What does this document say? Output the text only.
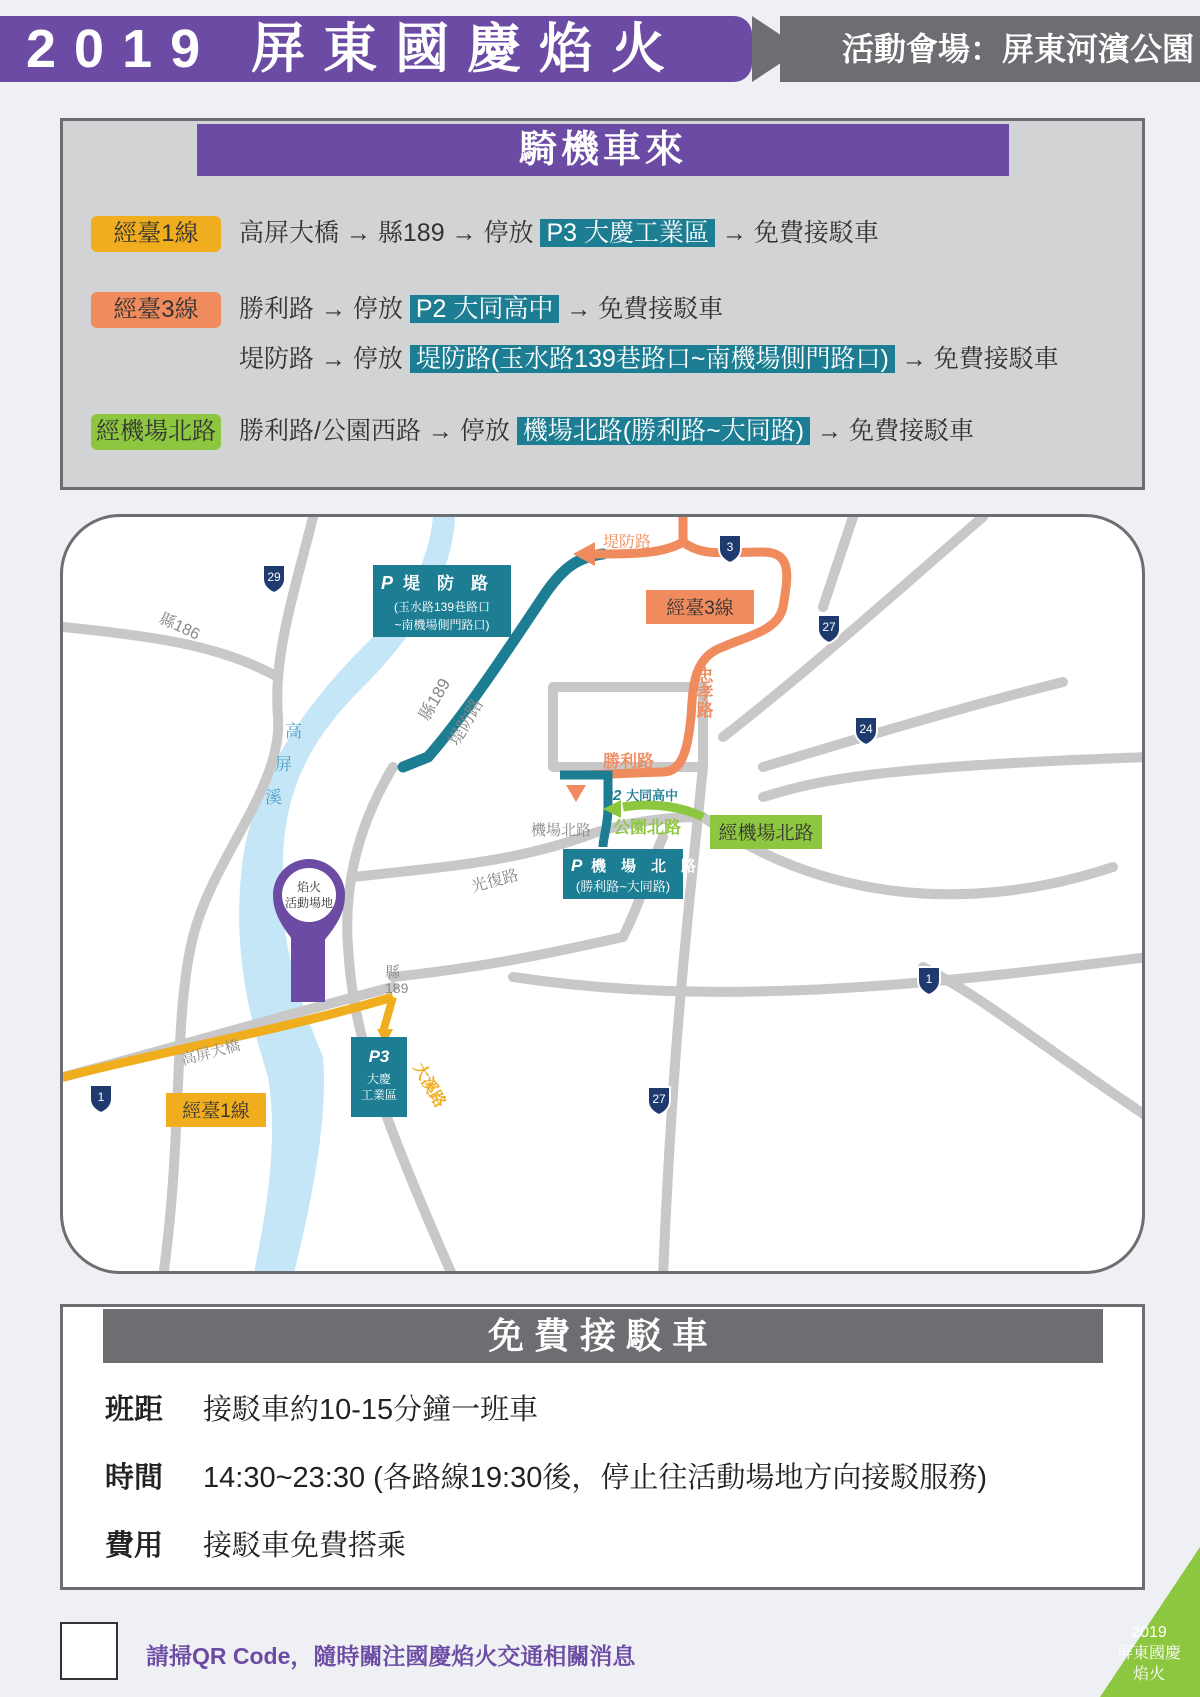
2019 屏東國慶焰火	活動會場：屏東河濱公園
騎機車來
經臺1線 高屏大橋 → 縣189 → 停放 P3 大慶工業區 → 免費接駁車
經臺3線 勝利路 → 停放 P2 大同高中 → 免費接駁車
堤防路 → 停放 堤防路(玉水路139巷路口~南機場側門路口) → 免費接駁車
經機場北路 勝利路/公園西路 → 停放 機場北路(勝利路~大同路) → 免費接駁車
焰火
活動場地
29
3
27
24
1
1	27
縣186
縣189
堤防路
堤防路
忠孝路
勝利路
機場北路 公園北路
光復路
縣
189
高屏大橋
大溪路
高
屏
溪
經臺3線
經臺1線
經機場北路
P 堤　防　路
(玉水路139巷路口
~南機場側門路口)
P2 大同高中
P 機　場　北　路
(勝利路~大同路)
P3
大慶
工業區
免費接駁車
班距 接駁車約10-15分鐘一班車
時間 14:30~23:30 (各路線19:30後，停止往活動場地方向接駁服務)
費用 接駁車免費搭乘
請掃QR Code，隨時關注國慶焰火交通相關消息
2019
屏東國慶
焰火
